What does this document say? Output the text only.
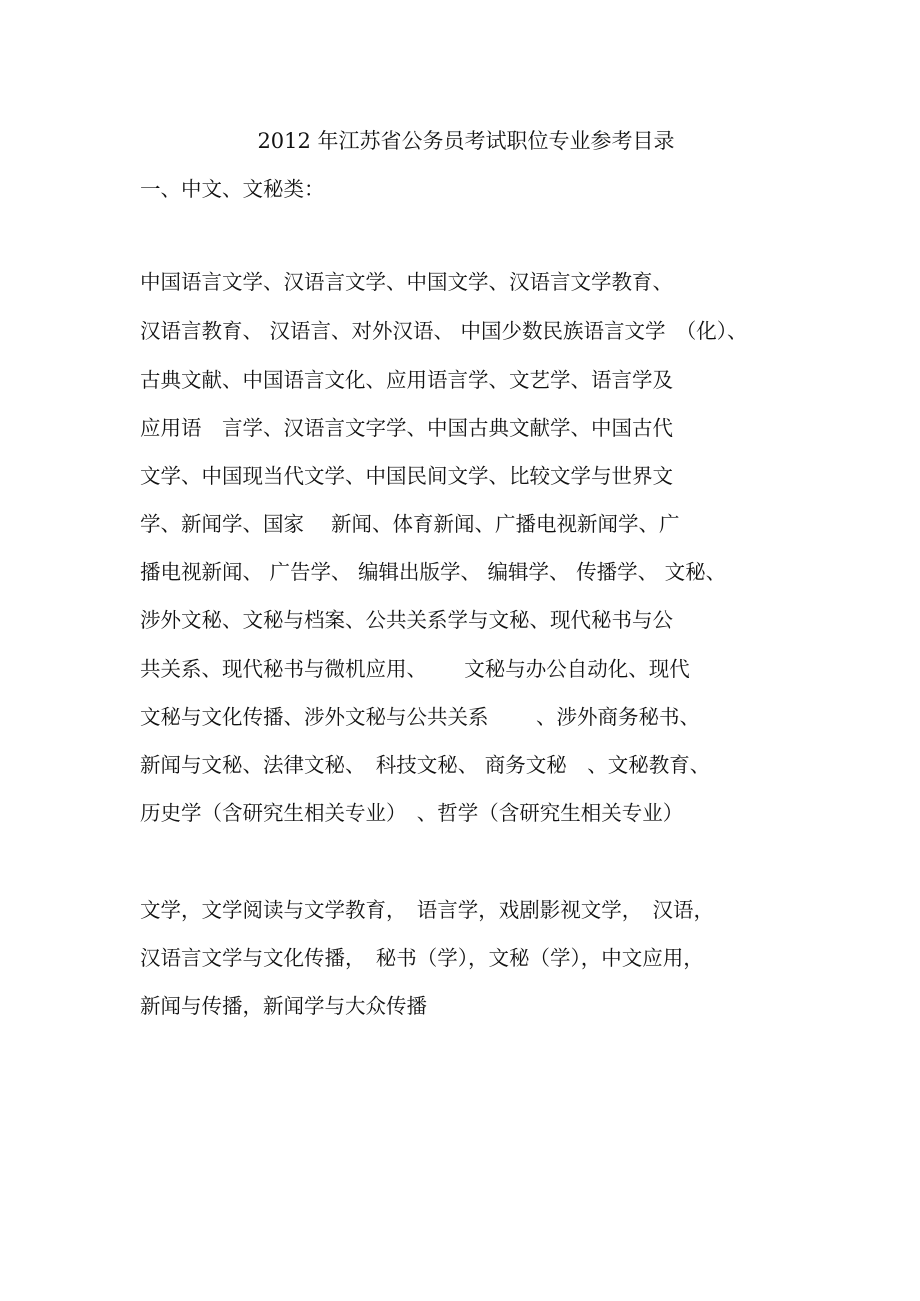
2012 年江苏省公务员考试职位专业参考目录
一、中文、文秘类：
中国语言文学、汉语言文学、中国文学、汉语言文学教育、
汉语言教育、 汉语言、对外汉语、 中国少数民族语言文学　（化）、
古典文献、中国语言文化、应用语言学、文艺学、语言学及
应用语　言学、汉语言文字学、中国古典文献学、中国古代
文学、中国现当代文学、中国民间文学、比较文学与世界文
学、新闻学、国家　 新闻、体育新闻、广播电视新闻学、广
播电视新闻、 广告学、 编辑出版学、 编辑学、 传播学、 文秘、
涉外文秘、文秘与档案、公共关系学与文秘、现代秘书与公
共关系、现代秘书与微机应用、　　 文秘与办公自动化、现代
文秘与文化传播、涉外文秘与公共关系　　 、涉外商务秘书、
新闻与文秘、法律文秘、　科技文秘、 商务文秘　、文秘教育、
历史学（含研究生相关专业）　、哲学（含研究生相关专业）
文学，文学阅读与文学教育，　语言学，戏剧影视文学，　汉语，
汉语言文学与文化传播，　秘书（学），文秘（学），中文应用，
新闻与传播，新闻学与大众传播
